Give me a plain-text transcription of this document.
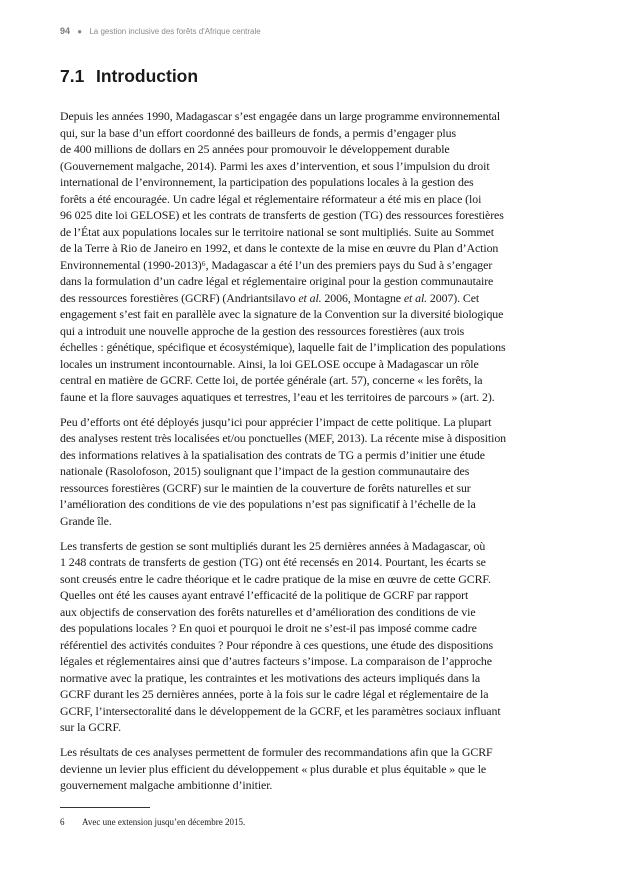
94 ● La gestion inclusive des forêts d'Afrique centrale
7.1 Introduction

Depuis les années 1990, Madagascar s’est engagée dans un large programme environnemental
qui, sur la base d’un effort coordonné des bailleurs de fonds, a permis d’engager plus
de 400 millions de dollars en 25 années pour promouvoir le développement durable
(Gouvernement malgache, 2014). Parmi les axes d’intervention, et sous l’impulsion du droit
international de l’environnement, la participation des populations locales à la gestion des
forêts a été encouragée. Un cadre légal et réglementaire réformateur a été mis en place (loi
96 025 dite loi GELOSE) et les contrats de transferts de gestion (TG) des ressources forestières
de l’État aux populations locales sur le territoire national se sont multipliés. Suite au Sommet
de la Terre à Rio de Janeiro en 1992, et dans le contexte de la mise en œuvre du Plan d’Action
Environnemental (1990-2013)⁶, Madagascar a été l’un des premiers pays du Sud à s’engager
dans la formulation d’un cadre légal et réglementaire original pour la gestion communautaire
des ressources forestières (GCRF) (Andriantsilavo et al. 2006, Montagne et al. 2007). Cet
engagement s’est fait en parallèle avec la signature de la Convention sur la diversité biologique
qui a introduit une nouvelle approche de la gestion des ressources forestières (aux trois
échelles : génétique, spécifique et écosystémique), laquelle fait de l’implication des populations
locales un instrument incontournable. Ainsi, la loi GELOSE occupe à Madagascar un rôle
central en matière de GCRF. Cette loi, de portée générale (art. 57), concerne « les forêts, la
faune et la flore sauvages aquatiques et terrestres, l’eau et les territoires de parcours » (art. 2).

Peu d’efforts ont été déployés jusqu’ici pour apprécier l’impact de cette politique. La plupart
des analyses restent très localisées et/ou ponctuelles (MEF, 2013). La récente mise à disposition
des informations relatives à la spatialisation des contrats de TG a permis d’initier une étude
nationale (Rasolofoson, 2015) soulignant que l’impact de la gestion communautaire des
ressources forestières (GCRF) sur le maintien de la couverture de forêts naturelles et sur
l’amélioration des conditions de vie des populations n’est pas significatif à l’échelle de la
Grande île.

Les transferts de gestion se sont multipliés durant les 25 dernières années à Madagascar, où
1 248 contrats de transferts de gestion (TG) ont été recensés en 2014. Pourtant, les écarts se
sont creusés entre le cadre théorique et le cadre pratique de la mise en œuvre de cette GCRF.
Quelles ont été les causes ayant entravé l’efficacité de la politique de GCRF par rapport
aux objectifs de conservation des forêts naturelles et d’amélioration des conditions de vie
des populations locales ? En quoi et pourquoi le droit ne s’est-il pas imposé comme cadre
référentiel des activités conduites ? Pour répondre à ces questions, une étude des dispositions
légales et réglementaires ainsi que d’autres facteurs s’impose. La comparaison de l’approche
normative avec la pratique, les contraintes et les motivations des acteurs impliqués dans la
GCRF durant les 25 dernières années, porte à la fois sur le cadre légal et réglementaire de la
GCRF, l’intersectoralité dans le développement de la GCRF, et les paramètres sociaux influant
sur la GCRF.

Les résultats de ces analyses permettent de formuler des recommandations afin que la GCRF
devienne un levier plus efficient du développement « plus durable et plus équitable » que le
gouvernement malgache ambitionne d’initier.

6 Avec une extension jusqu’en décembre 2015.
